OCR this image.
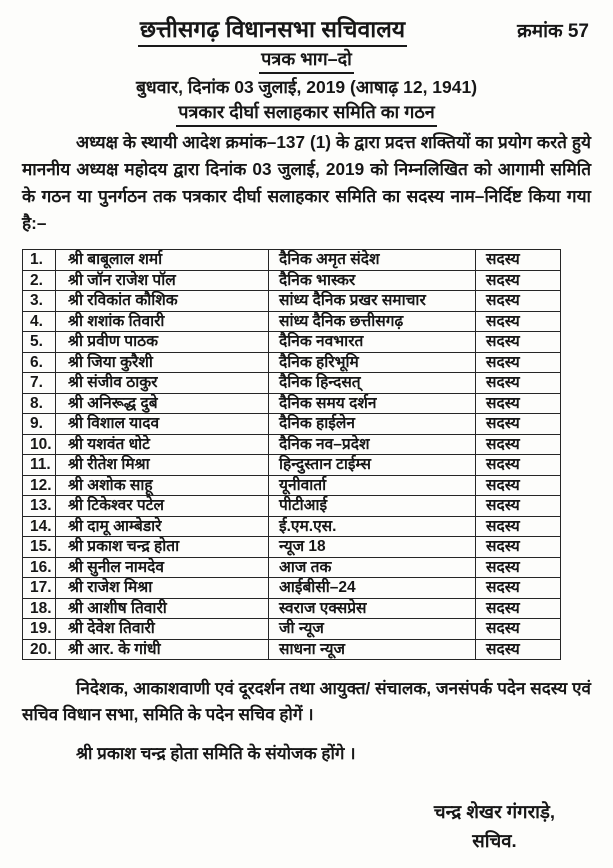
छत्तीसगढ़ विधानसभा सचिवालय	क्रमांक 57
पत्रक भाग–दो
बुधवार, दिनांक 03 जुलाई, 2019 (आषाढ़ 12, 1941)
पत्रकार दीर्घा सलाहकार समिति का गठन

अध्यक्ष के स्थायी आदेश क्रमांक–137 (1) के द्वारा प्रदत्त शक्तियों का प्रयोग करते हुये माननीय अध्यक्ष महोदय द्वारा दिनांक 03 जुलाई, 2019 को निम्नलिखित को आगामी समिति के गठन या पुनर्गठन तक पत्रकार दीर्घा सलाहकार समिति का सदस्य नाम–निर्दिष्ट किया गया है:–

1.	श्री बाबूलाल शर्मा	दैनिक अमृत संदेश	सदस्य
2.	श्री जॉन राजेश पॉल	दैनिक भास्कर	सदस्य
3.	श्री रविकांत कौशिक	सांध्य दैनिक प्रखर समाचार	सदस्य
4.	श्री शशांक तिवारी	सांध्य दैनिक छत्तीसगढ़	सदस्य
5.	श्री प्रवीण पाठक	दैनिक नवभारत	सदस्य
6.	श्री जिया कुरैशी	दैनिक हरिभूमि	सदस्य
7.	श्री संजीव ठाकुर	दैनिक हिन्दसत्	सदस्य
8.	श्री अनिरूद्ध दुबे	दैनिक समय दर्शन	सदस्य
9.	श्री विशाल यादव	दैनिक हाईलेन	सदस्य
10.	श्री यशवंत धोटे	दैनिक नव–प्रदेश	सदस्य
11.	श्री रीतेश मिश्रा	हिन्दुस्तान टाईम्स	सदस्य
12.	श्री अशोक साहू	यूनीवार्ता	सदस्य
13.	श्री टिकेश्वर पटेल	पीटीआई	सदस्य
14.	श्री दामू आम्बेडारे	ई.एम.एस.	सदस्य
15.	श्री प्रकाश चन्द्र होता	न्यूज 18	सदस्य
16.	श्री सुनील नामदेव	आज तक	सदस्य
17.	श्री राजेश मिश्रा	आईबीसी–24	सदस्य
18.	श्री आशीष तिवारी	स्वराज एक्सप्रेस	सदस्य
19.	श्री देवेश तिवारी	जी न्यूज	सदस्य
20.	श्री आर. के गांधी	साधना न्यूज	सदस्य

निदेशक, आकाशवाणी एवं दूरदर्शन तथा आयुक्त/ संचालक, जनसंपर्क पदेन सदस्य एवं सचिव विधान सभा, समिति के पदेन सचिव होगें ।

श्री प्रकाश चन्द्र होता समिति के संयोजक होंगे ।

चन्द्र शेखर गंगराड़े,
सचिव.
